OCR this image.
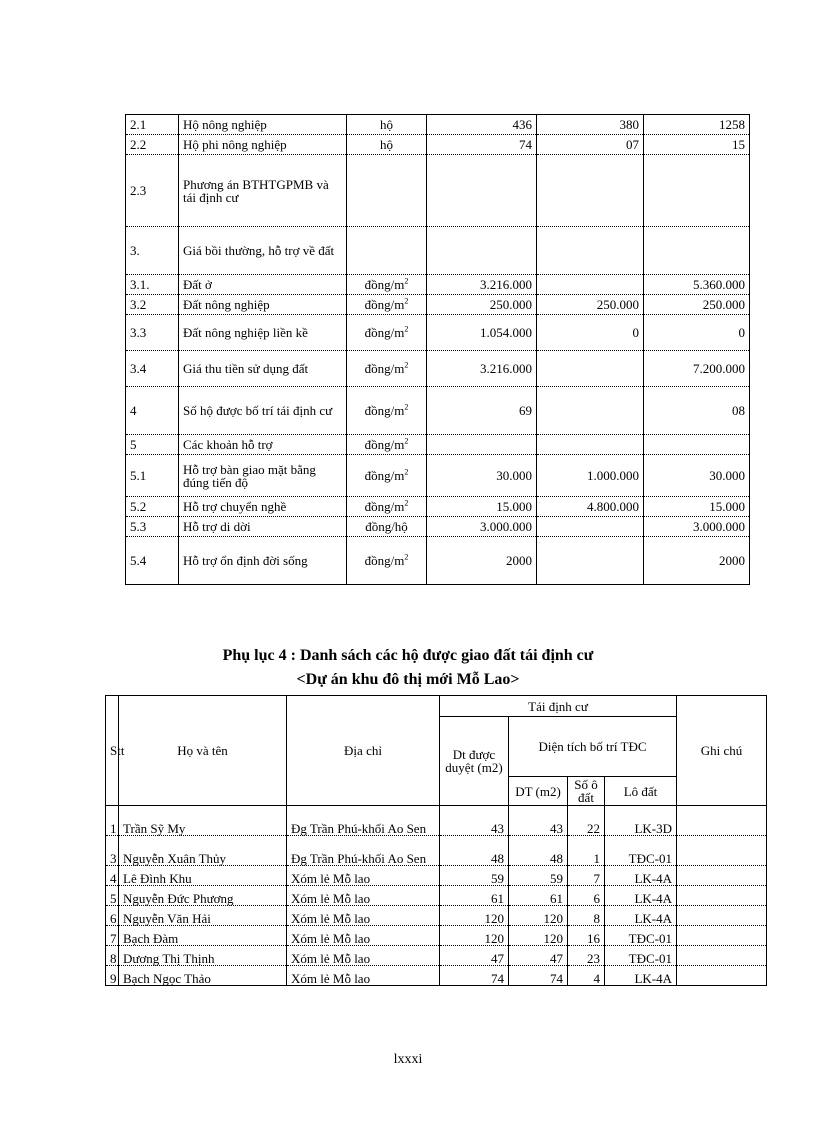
2.1	Hộ nông nghiệp	hộ	436	380	1258
2.2	Hộ phi nông nghiệp	hộ	74	07	15
2.3	Phương án BTHTGPMB và tái định cư				
3.	Giá bồi thường, hỗ trợ về đất				
3.1.	Đất ở	đồng/$m^2$	3.216.000		5.360.000
3.2	Đất nông nghiệp	đồng/$m^2$	250.000	250.000	250.000
3.3	Đất nông nghiệp liền kề	đồng/$m^2$	1.054.000	0	0
3.4	Giá thu tiền sử dụng đất	đồng/$m^2$	3.216.000		7.200.000
4	Số hộ được bố trí tái định cư	đồng/$m^2$	69		08
5	Các khoản hỗ trợ	đồng/$m^2$			
5.1	Hỗ trợ bàn giao mặt bằng đúng tiến độ	đồng/$m^2$	30.000	1.000.000	30.000
5.2	Hỗ trợ chuyển nghề	đồng/$m^2$	15.000	4.800.000	15.000
5.3	Hỗ trợ di dời	đồng/hộ	3.000.000		3.000.000
5.4	Hỗ trợ ổn định đời sống	đồng/$m^2$	2000		2000
Phụ lục 4 : Danh sách các hộ được giao đất tái định cư
<Dự án khu đô thị mới Mỗ Lao>
Stt	Họ và tên	Địa chỉ	Tái định cư				Ghi chú
			Dt được duyệt (m2)	Diện tích bố trí TĐC			
				DT (m2)	Số ô đất	Lô đất	
1	Trần Sỹ My	Đg Trần Phú-khối Ao Sen	43	43	22	LK-3D	
3	Nguyễn Xuân Thủy	Đg Trần Phú-khối Ao Sen	48	48	1	TĐC-01	
4	Lê Đình Khu	Xóm lẻ Mỗ lao	59	59	7	LK-4A	
5	Nguyễn Đức Phương	Xóm lẻ Mỗ lao	61	61	6	LK-4A	
6	Nguyễn Văn Hải	Xóm lẻ Mỗ lao	120	120	8	LK-4A	
7	Bạch Đàm	Xóm lẻ Mỗ lao	120	120	16	TĐC-01	
8	Dương Thị Thịnh	Xóm lẻ Mỗ lao	47	47	23	TĐC-01	
9	Bạch Ngọc Thảo	Xóm lẻ Mỗ lao	74	74	4	LK-4A	
lxxxi
